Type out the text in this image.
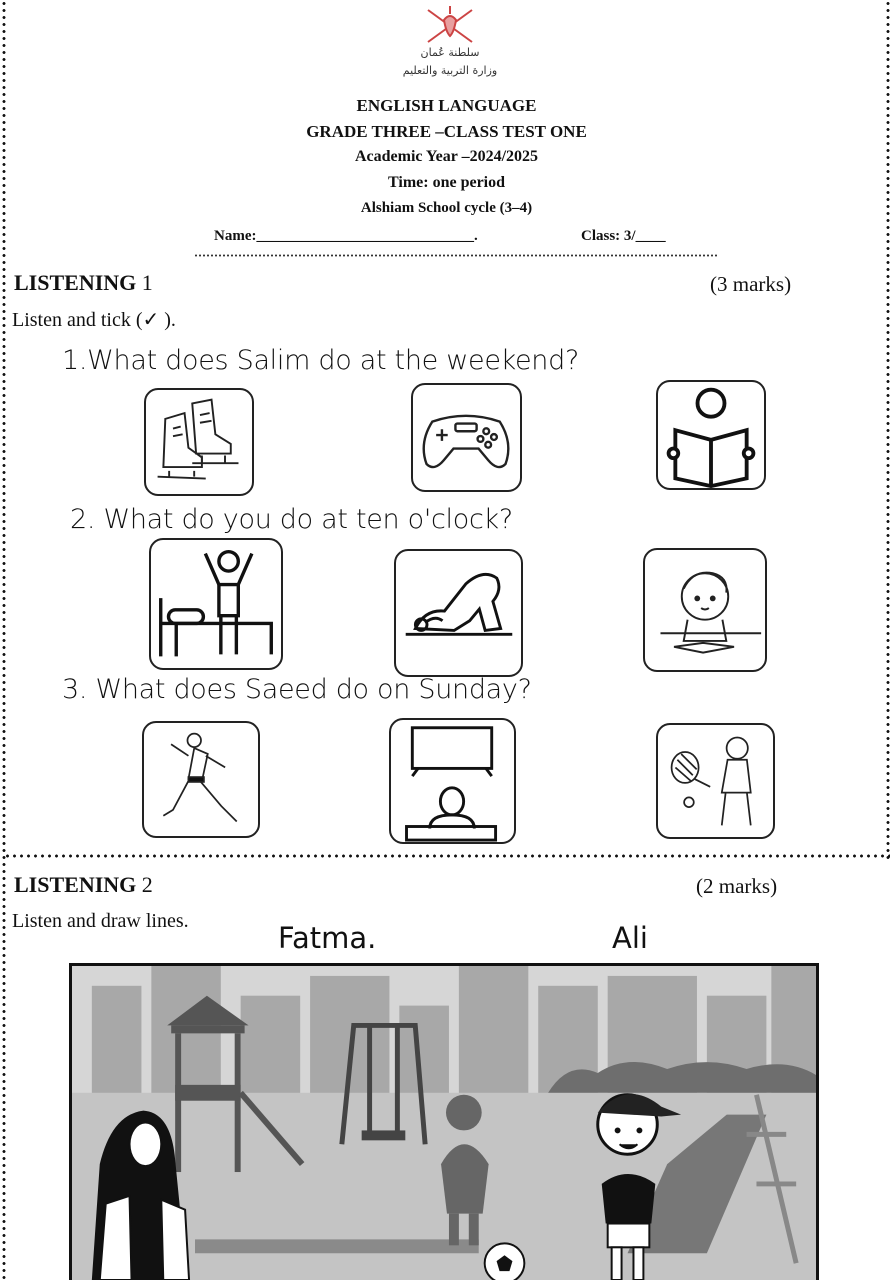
سلطنة عُمان
وزارة التربية والتعليم
ENGLISH LANGUAGE
GRADE THREE –CLASS TEST ONE
Academic Year –2024/2025
Time: one period
Alshiam School cycle (3–4)
Name:_____________________________.	Class: 3/____
LISTENING 1	(3 marks)
Listen and tick (✓ ).
1.What does Salim do at the weekend?
2. What do you do at ten o'clock?
3. What does Saeed do on Sunday?
LISTENING 2	(2 marks)
Listen and draw lines.	Fatma.	Ali
